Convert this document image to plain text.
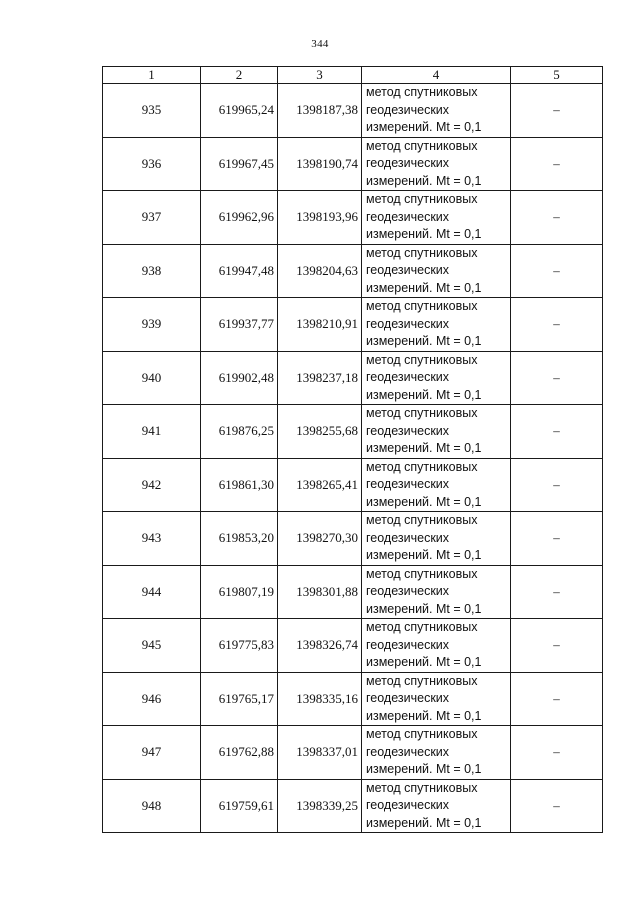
344
1	2	3	4	5
935	619965,24	1398187,38	метод спутниковых
геодезических
измерений. Mt = 0,1	–
936	619967,45	1398190,74	метод спутниковых
геодезических
измерений. Mt = 0,1	–
937	619962,96	1398193,96	метод спутниковых
геодезических
измерений. Mt = 0,1	–
938	619947,48	1398204,63	метод спутниковых
геодезических
измерений. Mt = 0,1	–
939	619937,77	1398210,91	метод спутниковых
геодезических
измерений. Mt = 0,1	–
940	619902,48	1398237,18	метод спутниковых
геодезических
измерений. Mt = 0,1	–
941	619876,25	1398255,68	метод спутниковых
геодезических
измерений. Mt = 0,1	–
942	619861,30	1398265,41	метод спутниковых
геодезических
измерений. Mt = 0,1	–
943	619853,20	1398270,30	метод спутниковых
геодезических
измерений. Mt = 0,1	–
944	619807,19	1398301,88	метод спутниковых
геодезических
измерений. Mt = 0,1	–
945	619775,83	1398326,74	метод спутниковых
геодезических
измерений. Mt = 0,1	–
946	619765,17	1398335,16	метод спутниковых
геодезических
измерений. Mt = 0,1	–
947	619762,88	1398337,01	метод спутниковых
геодезических
измерений. Mt = 0,1	–
948	619759,61	1398339,25	метод спутниковых
геодезических
измерений. Mt = 0,1	–
